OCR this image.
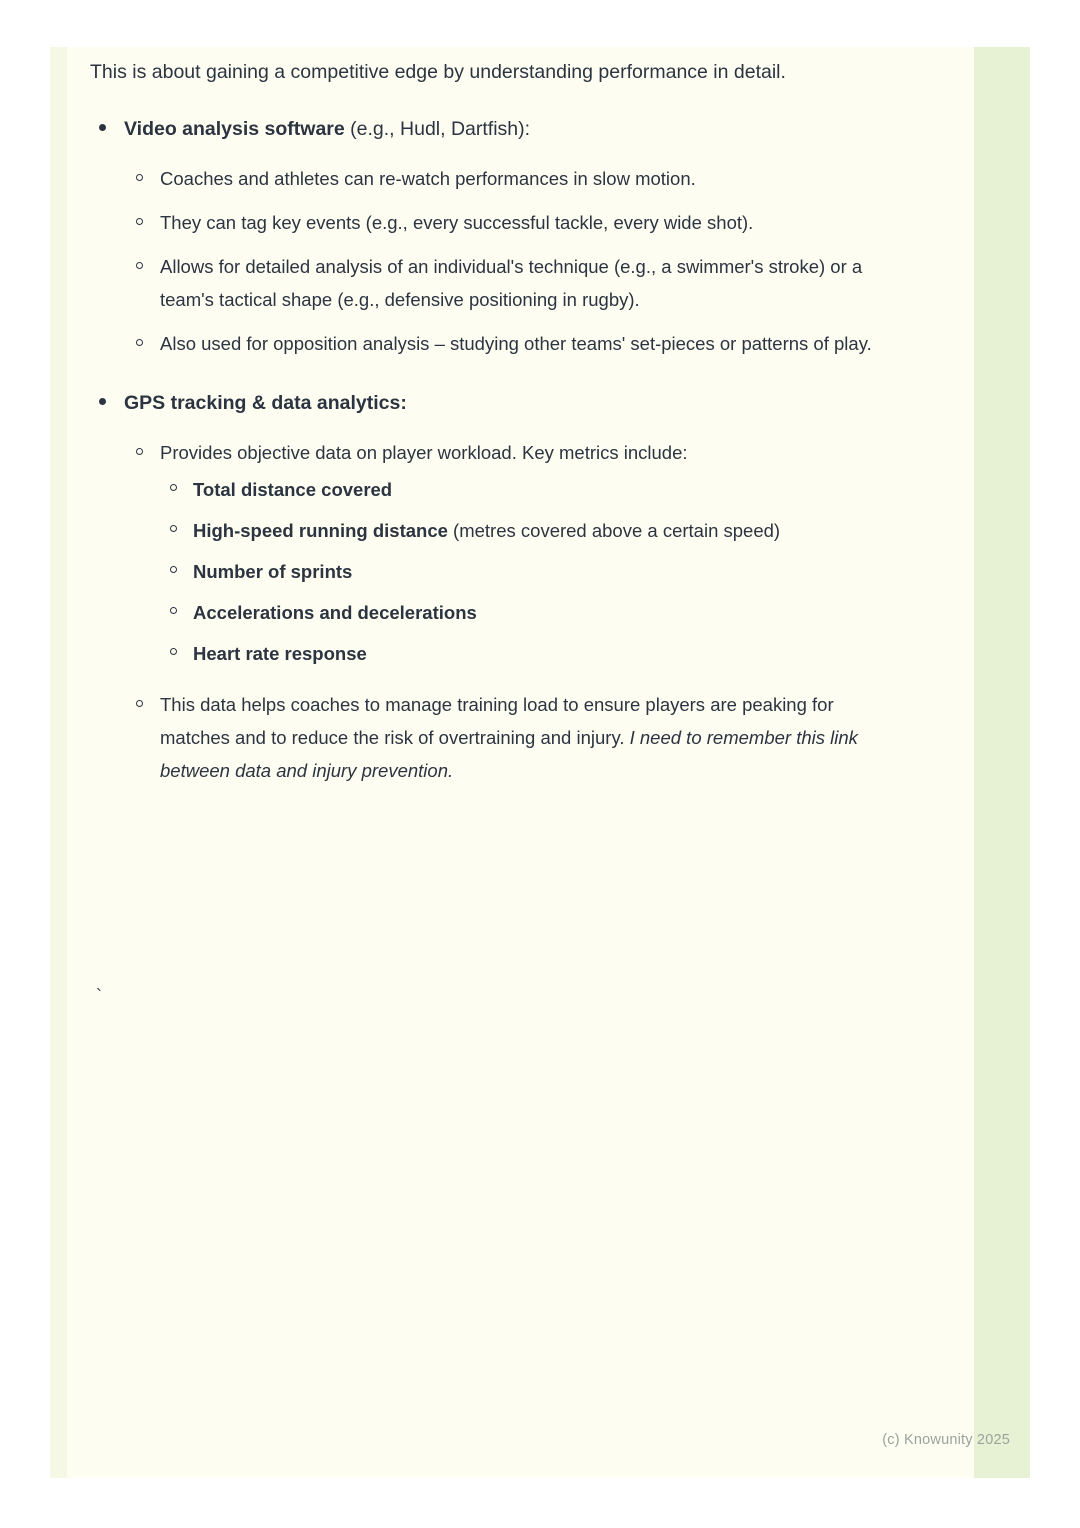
This is about gaining a competitive edge by understanding performance in detail.

Video analysis software (e.g., Hudl, Dartfish):
Coaches and athletes can re-watch performances in slow motion.
They can tag key events (e.g., every successful tackle, every wide shot).
Allows for detailed analysis of an individual's technique (e.g., a swimmer's stroke) or a team's tactical shape (e.g., defensive positioning in rugby).
Also used for opposition analysis – studying other teams' set-pieces or patterns of play.
GPS tracking & data analytics:
Provides objective data on player workload. Key metrics include:
Total distance covered
High-speed running distance (metres covered above a certain speed)
Number of sprints
Accelerations and decelerations
Heart rate response
This data helps coaches to manage training load to ensure players are peaking for matches and to reduce the risk of overtraining and injury. I need to remember this link between data and injury prevention.
`
(c) Knowunity 2025
